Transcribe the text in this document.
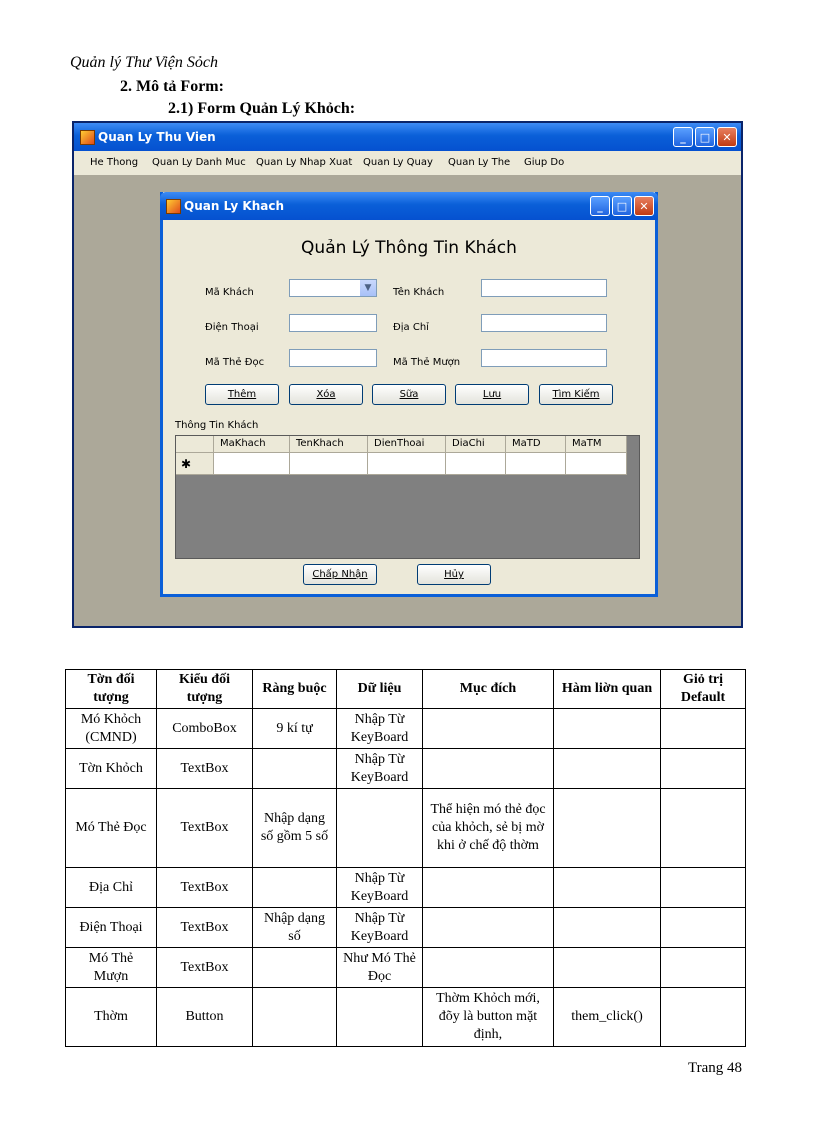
Quản lý Thư Viện Sỏch
2. Mô tả Form:
2.1) Form Quản Lý Khỏch:
Quan Ly Thu Vien	_	□	✕
He Thong Quan Ly Danh Muc Quan Ly Nhap Xuat Quan Ly Quay Quan Ly The Giup Do
Quan Ly Khach	_	□	✕
Quản Lý Thông Tin Khách
Mã Khách	▼	Tên Khách
Điện Thoại	Địa Chỉ
Mã Thẻ Đọc	Mã Thẻ Mượn
Thêm	Xóa	Sữa	Lưu	Tìm Kiếm
Thông Tin Khách
MaKhach	TenKhach	DienThoai	DiaChi	MaTD	MaTM
✱
Chấp Nhận	Hủy
Tờn đối tượng	Kiểu đối tượng	Ràng buộc	Dữ liệu	Mục đích	Hàm liờn quan	Giỏ trị Default
Mó Khỏch (CMND)	ComboBox	9 kí tự	Nhập Từ KeyBoard			
Tờn Khỏch	TextBox		Nhập Từ KeyBoard			
Mó Thẻ Đọc	TextBox	Nhập dạng số gồm 5 số		Thể hiện mó thẻ đọc của khỏch, sẻ bị mờ khi ở chế độ thờm		
Địa Chỉ	TextBox		Nhập Từ KeyBoard			
Điện Thoại	TextBox	Nhập dạng số	Nhập Từ KeyBoard			
Mó Thẻ Mượn	TextBox		Như Mó Thẻ Đọc			
Thờm	Button			Thờm Khỏch mới, đõy là button mặt định,	them_click()	
Trang 48
